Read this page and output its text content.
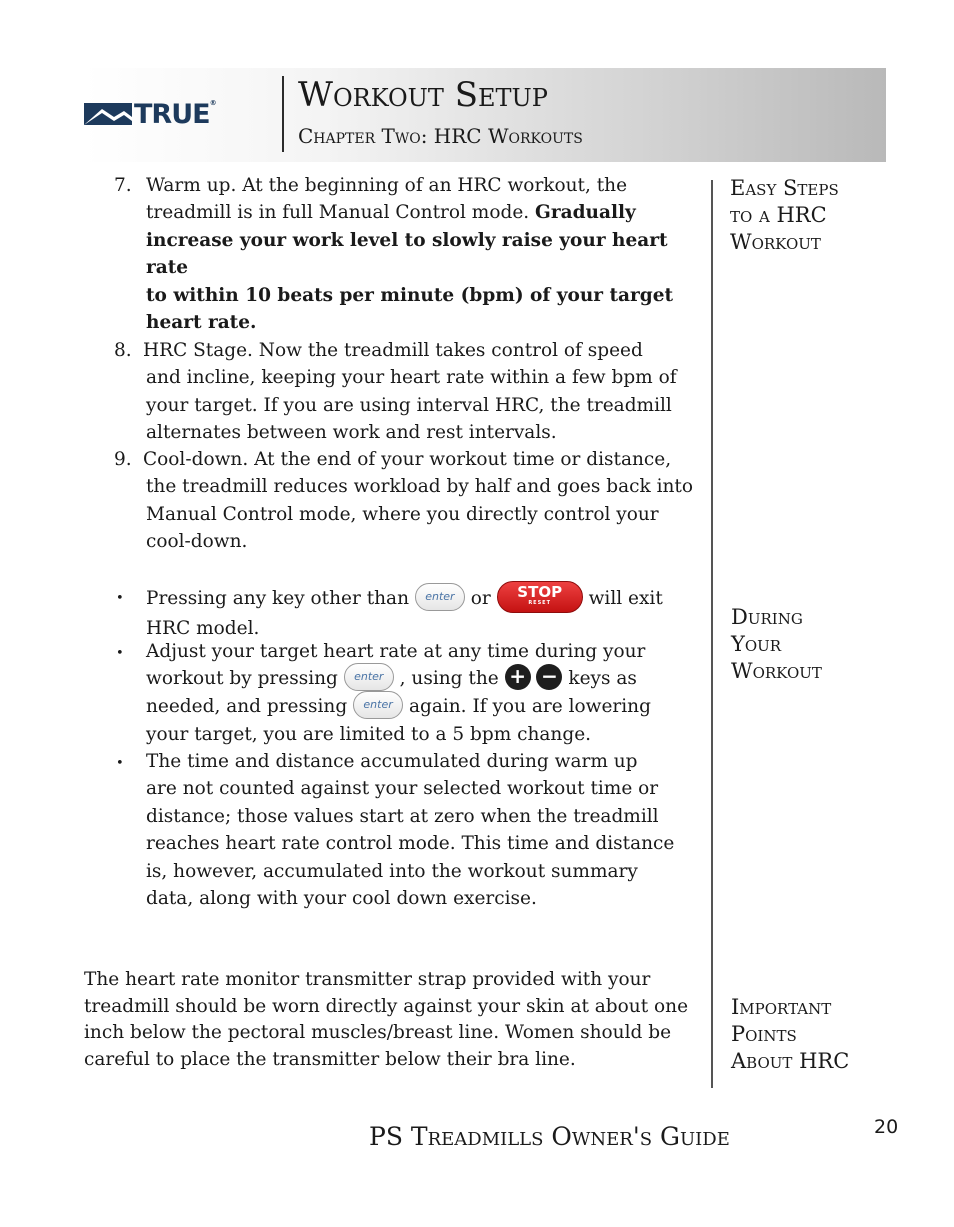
TRUE® Workout Setup
Chapter Two: HRC Workouts
7. Warm up. At the beginning of an HRC workout, the
treadmill is in full Manual Control mode. Gradually
increase your work level to slowly raise your heart rate
to within 10 beats per minute (bpm) of your target
heart rate.
8. HRC Stage. Now the treadmill takes control of speed
and incline, keeping your heart rate within a few bpm of
your target. If you are using interval HRC, the treadmill
alternates between work and rest intervals.
9. Cool-down. At the end of your workout time or distance,
the treadmill reduces workload by half and goes back into
Manual Control mode, where you directly control your
cool-down.
• Pressing any key other than enter or	STOP
RESET	will exit
HRC model.
• Adjust your target heart rate at any time during your
workout by pressing enter , using the + − keys as
needed, and pressing enter again. If you are lowering
your target, you are limited to a 5 bpm change.
• The time and distance accumulated during warm up
are not counted against your selected workout time or
distance; those values start at zero when the treadmill
reaches heart rate control mode. This time and distance
is, however, accumulated into the workout summary
data, along with your cool down exercise.
The heart rate monitor transmitter strap provided with your
treadmill should be worn directly against your skin at about one
inch below the pectoral muscles/breast line. Women should be
careful to place the transmitter below their bra line.
Easy Steps
to a HRC
Workout
During
Your
Workout
Important
Points
About HRC
PS Treadmills Owner's Guide	20
